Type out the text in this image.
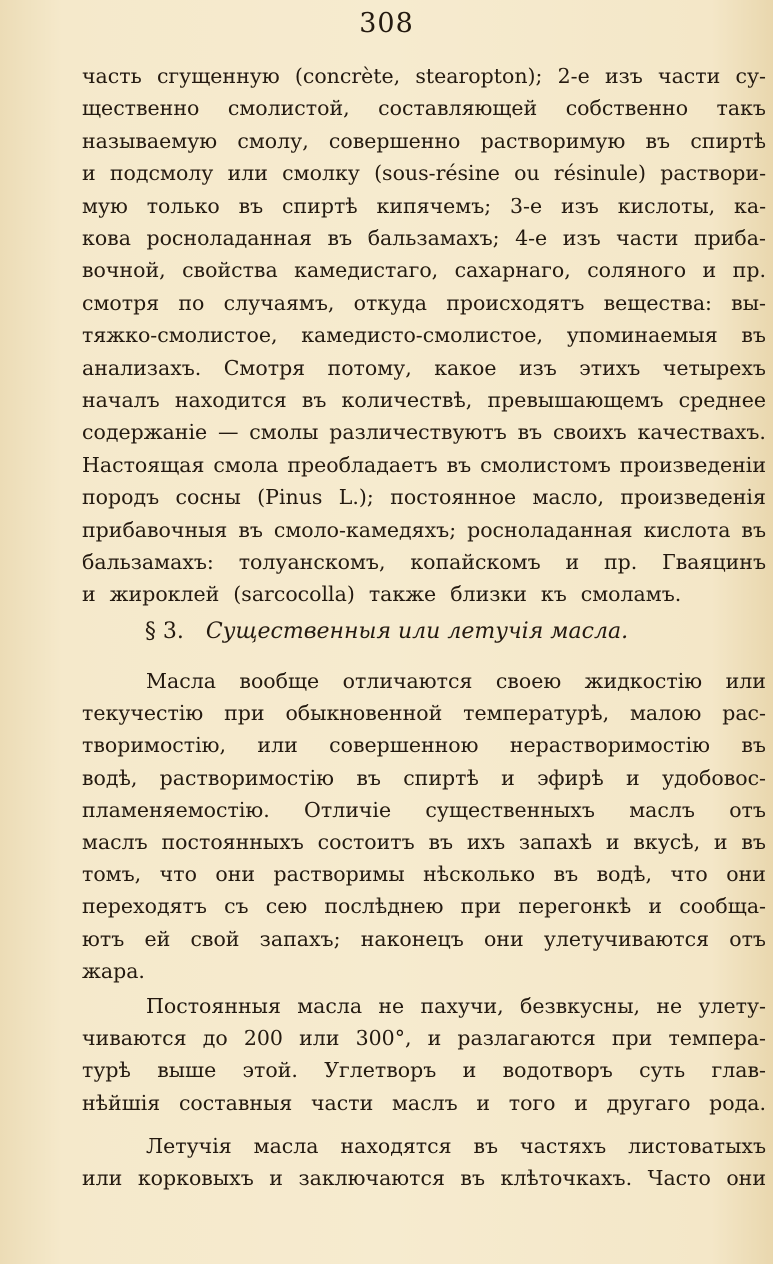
308
часть сгущенную (concrète, stearopton); 2-е изъ части су-
щественно смолистой, составляющей собственно такъ
называемую смолу, совершенно растворимую въ спиртѣ
и подсмолу или смолку (sous-résine ou résinule) раствори-
мую только въ спиртѣ кипячемъ; 3-е изъ кислоты, ка-
кова росноладанная въ бальзамахъ; 4-е изъ части приба-
вочной, свойства камедистаго, сахарнаго, соляного и пр.
смотря по случаямъ, откуда происходятъ вещества: вы-
тяжко-смолистое, камедисто-смолистое, упоминаемыя въ
анализахъ. Смотря потому, какое изъ этихъ четырехъ
началъ находится въ количествѣ, превышающемъ среднее
содержаніе — смолы различествуютъ въ своихъ качествахъ.
Настоящая смола преобладаетъ въ смолистомъ произведеніи
породъ сосны (Pinus L.); постоянное масло, произведенія
прибавочныя въ смоло-камедяхъ; росноладанная кислота въ
бальзамахъ: толуанскомъ, копайскомъ и пр. Гваяцинъ
и жироклей (sarcocolla) также близки къ смоламъ.
§ 3. Существенныя или летучія масла.
Масла вообще отличаются своею жидкостію или
текучестію при обыкновенной температурѣ, малою рас-
творимостію, или совершенною нерастворимостію въ
водѣ, растворимостію въ спиртѣ и эфирѣ и удобовос-
пламеняемостію. Отличіе существенныхъ маслъ отъ
маслъ постоянныхъ состоитъ въ ихъ запахѣ и вкусѣ, и въ
томъ, что они растворимы нѣсколько въ водѣ, что они
переходятъ съ сею послѣднею при перегонкѣ и сообща-
ютъ ей свой запахъ; наконецъ они улетучиваются отъ
жара.
Постоянныя масла не пахучи, безвкусны, не улету-
чиваются до 200 или 300°, и разлагаются при темпера-
турѣ выше этой. Углетворъ и водотворъ суть глав-
нѣйшія составныя части маслъ и того и другаго рода.
Летучія масла находятся въ частяхъ листоватыхъ
или корковыхъ и заключаются въ клѣточкахъ. Часто они
